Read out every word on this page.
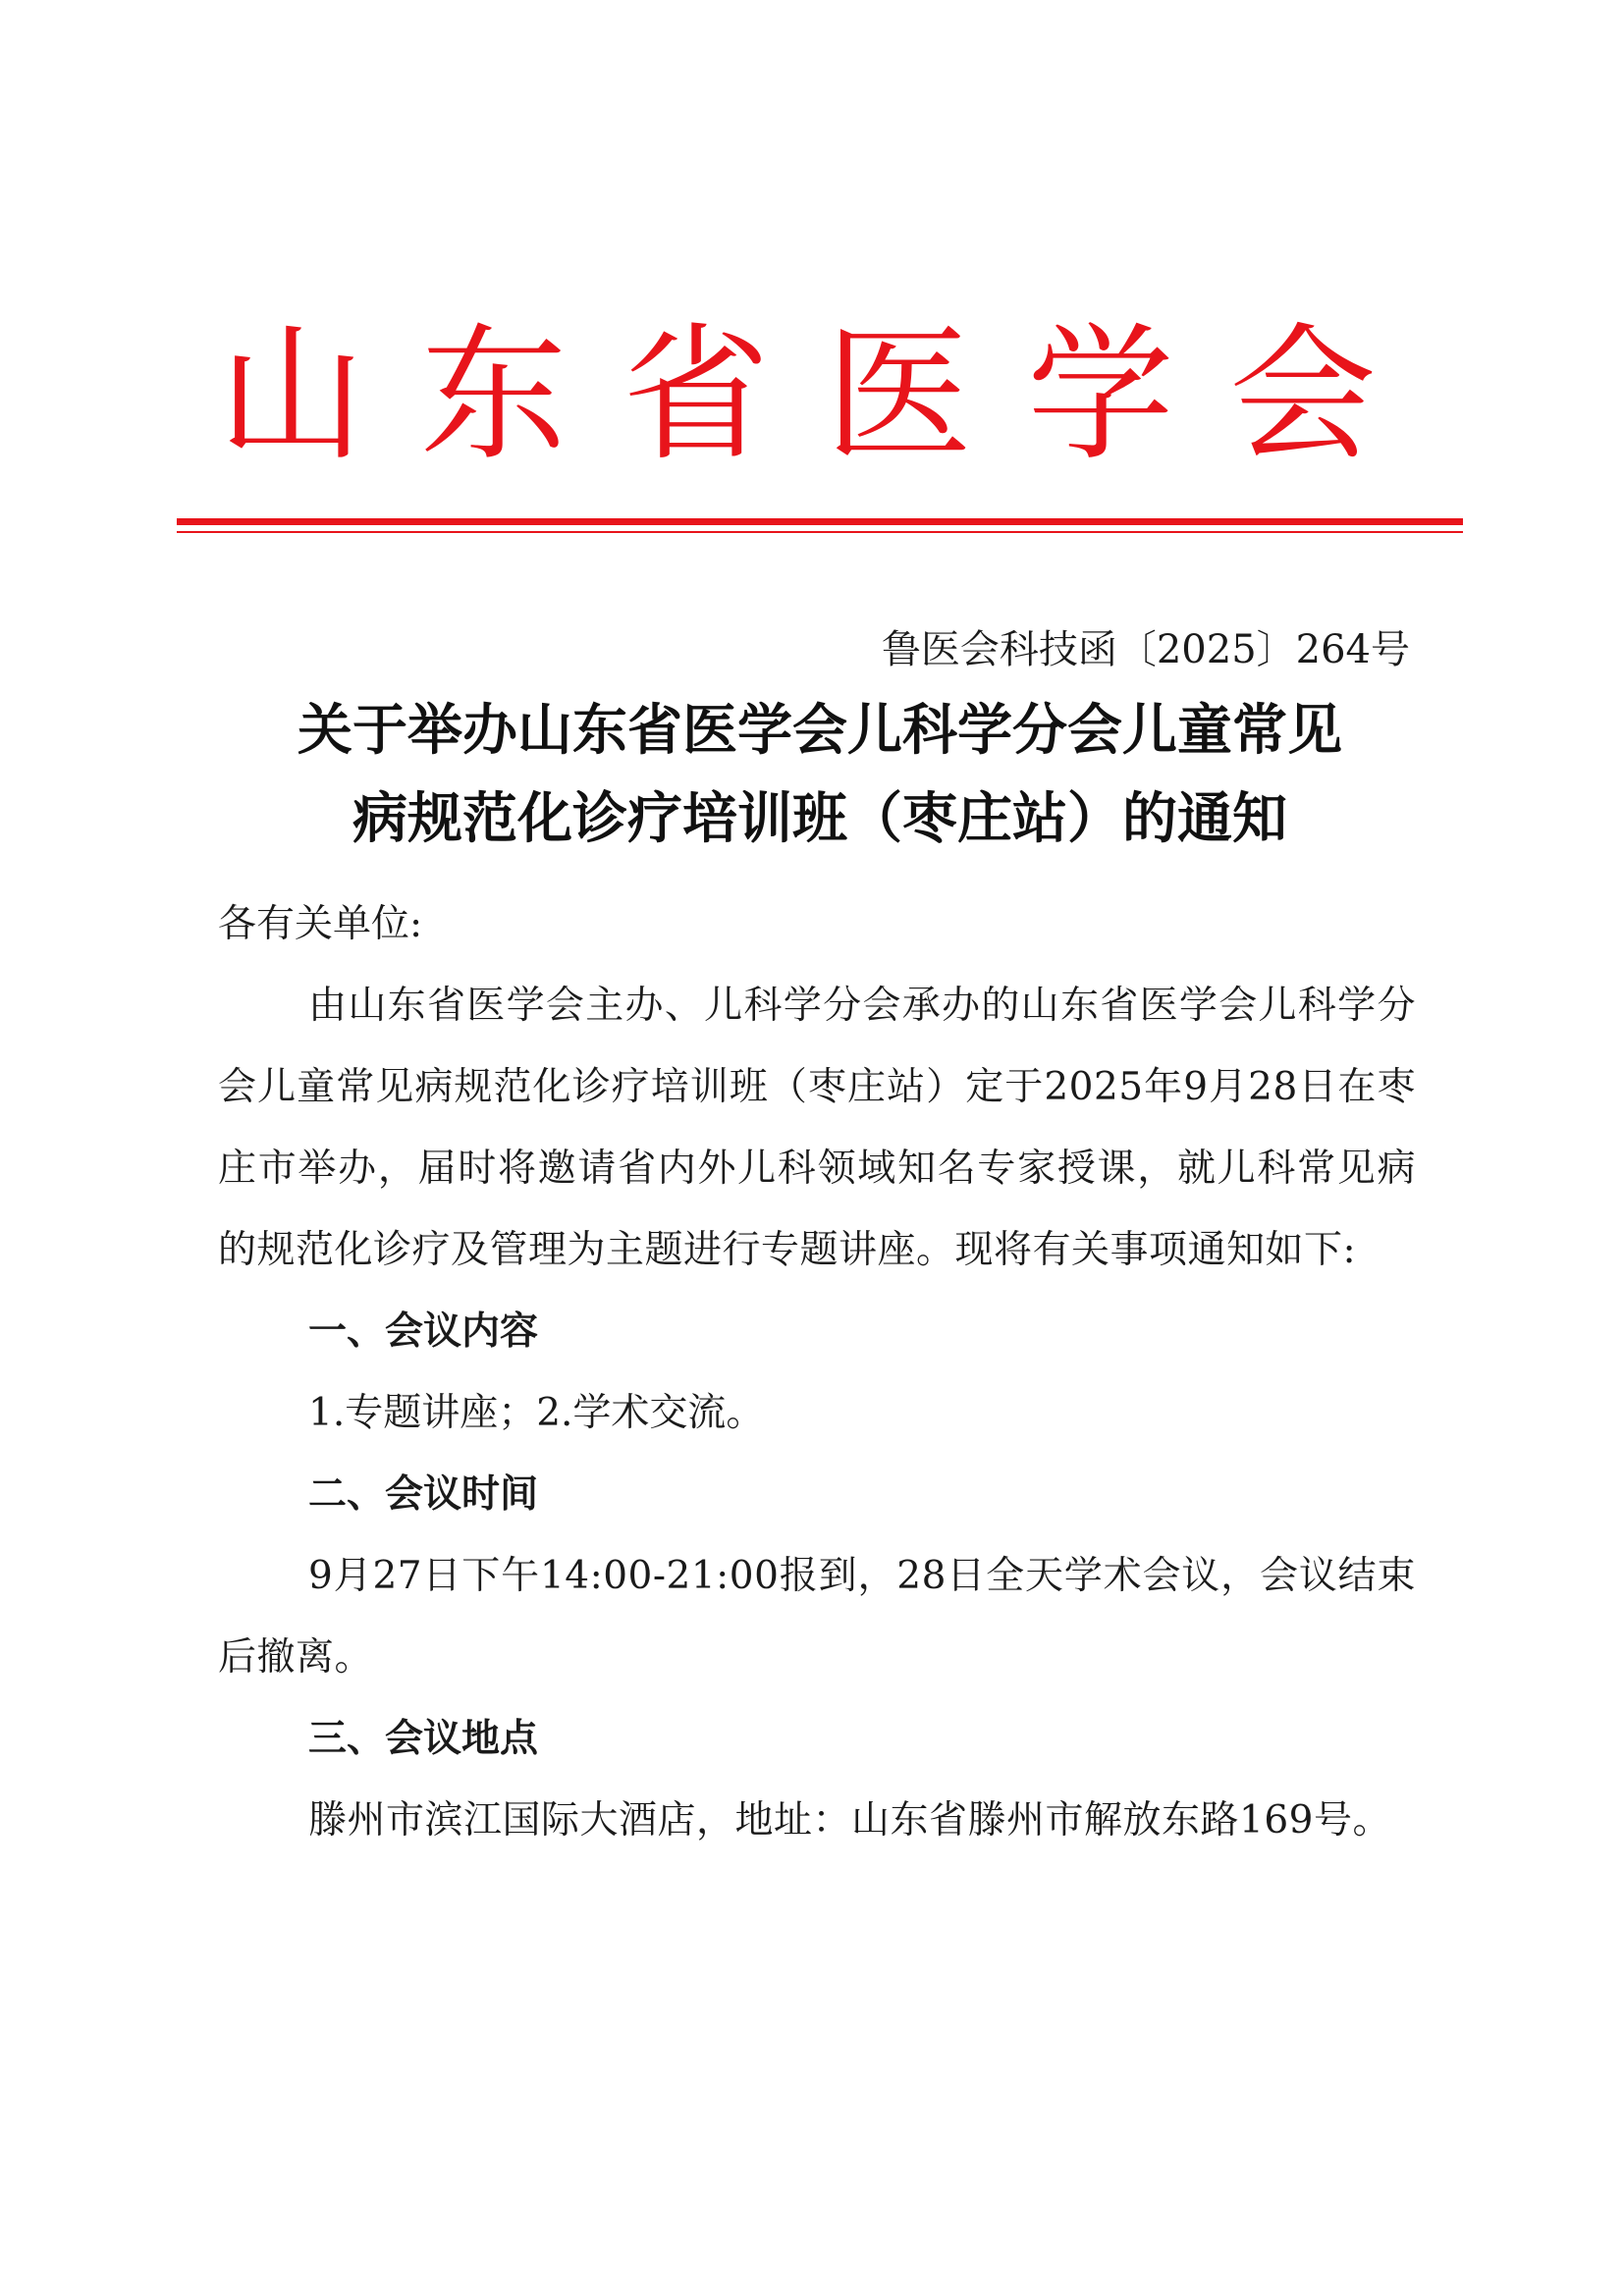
山 东 省 医 学 会
鲁医会科技函〔2025〕264号
关于举办山东省医学会儿科学分会儿童常见
病规范化诊疗培训班（枣庄站）的通知
各有关单位:
由山东省医学会主办、儿科学分会承办的山东省医学会儿科学分会儿童常见病规范化诊疗培训班（枣庄站）定于2025年9月28日在枣庄市举办，届时将邀请省内外儿科领域知名专家授课，就儿科常见病的规范化诊疗及管理为主题进行专题讲座。现将有关事项通知如下:
一、会议内容
1.专题讲座；2.学术交流。
二、会议时间
9月27日下午14:00-21:00报到，28日全天学术会议，会议结束后撤离。
三、会议地点
滕州市滨江国际大酒店，地址：山东省滕州市解放东路169号。
